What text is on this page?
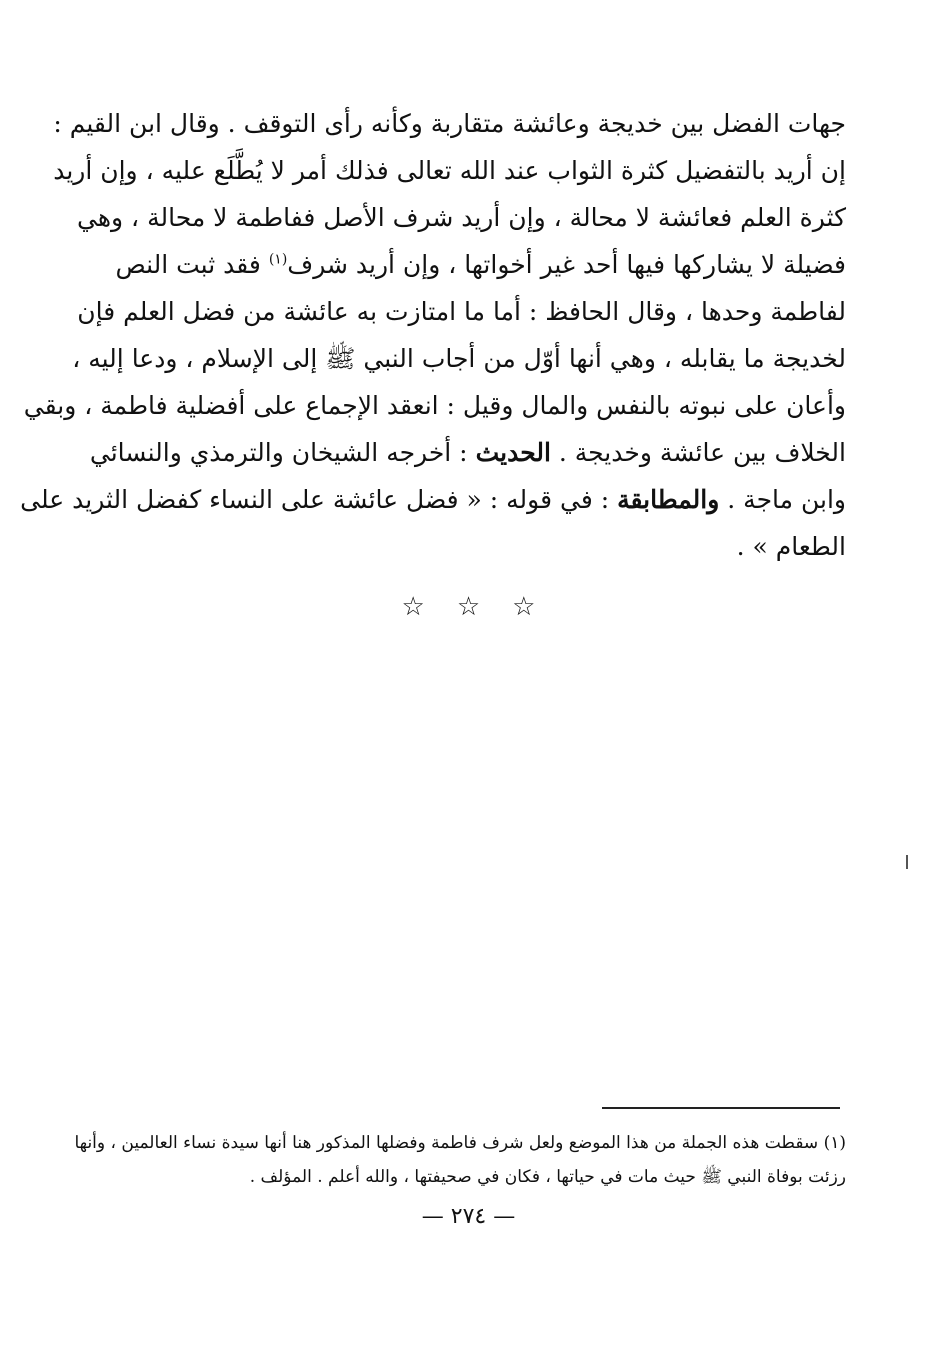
جهات الفضل بين خديجة وعائشة متقاربة وكأنه رأى التوقف . وقال ابن القيم :
إن أريد بالتفضيل كثرة الثواب عند الله تعالى فذلك أمر لا يُطَّلَع عليه ، وإن أريد
كثرة العلم فعائشة لا محالة ، وإن أريد شرف الأصل ففاطمة لا محالة ، وهي
فضيلة لا يشاركها فيها أحد غير أخواتها ، وإن أريد شرف$^{(١)}$ فقد ثبت النص
لفاطمة وحدها ، وقال الحافظ : أما ما امتازت به عائشة من فضل العلم فإن
لخديجة ما يقابله ، وهي أنها أوّل من أجاب النبي ﷺ إلى الإسلام ، ودعا إليه ،
وأعان على نبوته بالنفس والمال وقيل : انعقد الإجماع على أفضلية فاطمة ، وبقي
الخلاف بين عائشة وخديجة . الحديث : أخرجه الشيخان والترمذي والنسائي
وابن ماجة . والمطابقة : في قوله : « فضل عائشة على النساء كفضل الثريد على
الطعام » .
☆ ☆ ☆
(١) سقطت هذه الجملة من هذا الموضع ولعل شرف فاطمة وفضلها المذكور هنا أنها سيدة نساء العالمين ، وأنها
رزئت بوفاة النبي ﷺ حيث مات في حياتها ، فكان في صحيفتها ، والله أعلم . المؤلف .
— ٢٧٤ —
